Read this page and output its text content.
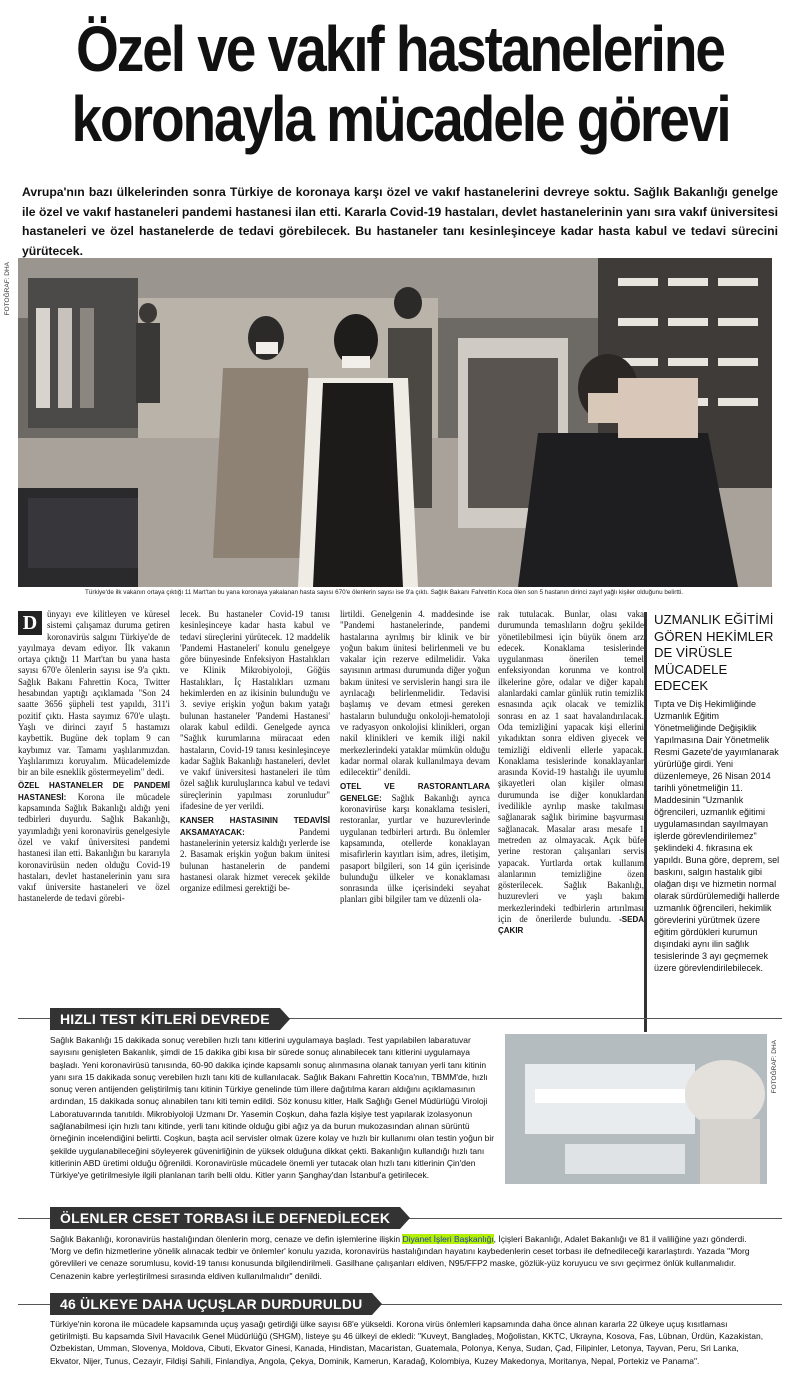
Özel ve vakıf hastanelerine
koronayla mücadele görevi
Avrupa'nın bazı ülkelerinden sonra Türkiye de koronaya karşı özel ve vakıf hastanelerini devreye soktu. Sağlık Bakanlığı genelge ile özel ve vakıf hastaneleri pandemi hastanesi ilan etti. Kararla Covid-19 hastaları, devlet hastanelerinin yanı sıra vakıf üniversitesi hastaneleri ve özel hastanelerde de tedavi görebilecek. Bu hastaneler tanı kesinleşinceye kadar hasta kabul ve tedavi sürecini yürütecek.
FOTOĞRAF: DHA
Türkiye'de ilk vakanın ortaya çıktığı 11 Mart'tan bu yana koronaya yakalanan hasta sayısı 670'e ölenlerin sayısı ise 9'a çıktı. Sağlık Bakanı Fahrettin Koca ölen son 5 hastanın dirinci zayıf yağlı kişiler olduğunu belirtti.

D	ünyayı eve kilitleyen ve küresel sistemi çalışamaz duruma getiren koronavirüs salgını Türkiye'de de yayılmaya devam ediyor. İlk vakanın ortaya çıktığı 11 Mart'tan bu yana hasta sayısı 670'e ölenlerin sayısı ise 9'a çıktı. Sağlık Bakanı Fahrettin Koca, Twitter hesabından yaptığı açıklamada "Son 24 saatte 3656 şüpheli test yapıldı, 311'i pozitif çıktı. Hasta sayımız 670'e ulaştı. Yaşlı ve dirinci zayıf 5 hastamızı kaybettik. Bugüne dek toplam 9 can kaybımız var. Tamamı yaşlılarımızdan. Yaşlılarımızı koruyalım. Mücadelemizde bir an bile esneklik göstermeyelim" dedi.

ÖZEL HASTANELER DE PANDEMİ HASTANESİ: Korona ile mücadele kapsamında Sağlık Bakanlığı aldığı yeni tedbirleri duyurdu. Sağlık Bakanlığı, yayımladığı yeni koronavirüs genelgesiyle özel ve vakıf üniversitesi pandemi hastanesi ilan etti. Bakanlığın bu kararıyla koronavirüsün neden olduğu Covid-19 hastaları, devlet hastanelerinin yanı sıra vakıf üniversite hastaneleri ve özel hastanelerde de tedavi görebi-

lecek. Bu hastaneler Covid-19 tanısı kesinleşinceye kadar hasta kabul ve tedavi süreçlerini yürütecek. 12 maddelik 'Pandemi Hastaneleri' konulu genelgeye göre bünyesinde Enfeksiyon Hastalıkları ve Klinik Mikrobiyoloji, Göğüs Hastalıkları, İç Hastalıkları uzmanı hekimlerden en az ikisinin bulunduğu ve 3. seviye erişkin yoğun bakım yatağı bulunan hastaneler 'Pandemi Hastanesi' olarak kabul edildi. Genelgede ayrıca "Sağlık kurumlarına müracaat eden hastaların, Covid-19 tanısı kesinleşinceye kadar Sağlık Bakanlığı hastaneleri, devlet ve vakıf üniversitesi hastaneleri ile tüm özel sağlık kuruluşlarınca kabul ve tedavi süreçlerinin yapılması zorunludur" ifadesine de yer verildi.

KANSER HASTASININ TEDAVİSİ AKSAMAYACAK:	Pandemi hastanelerinin yetersiz kaldığı yerlerde ise 2. Basamak erişkin yoğun bakım ünitesi bulunan hastanelerin de pandemi hastanesi olarak hizmet verecek şekilde organize edilmesi gerektiği be-

lirtildi. Genelgenin 4. maddesinde ise "Pandemi hastanelerinde, pandemi hastalarına ayrılmış bir klinik ve bir yoğun bakım ünitesi belirlenmeli ve bu vakalar için rezerve edilmelidir. Vaka sayısının artması durumunda diğer yoğun bakım ünitesi ve servislerin hangi sıra ile ayrılacağı belirlenmelidir. Tedavisi başlamış ve devam etmesi gereken hastaların bulunduğu onkoloji-hematoloji ve radyasyon onkolojisi klinikleri, organ nakil klinikleri ve kemik iliği nakil merkezlerindeki yataklar mümkün olduğu kadar normal olarak kullanılmaya devam edilecektir" denildi.

OTEL VE RASTORANTLARA GENELGE: Sağlık Bakanlığı ayrıca koronavirüse karşı konaklama tesisleri, restoranlar, yurtlar ve huzurevlerinde uygulanan tedbirleri artırdı. Bu önlemler kapsamında, otellerde konaklayan misafirlerin kayıtları isim, adres, iletişim, pasaport bilgileri, son 14 gün içerisinde bulunduğu ülkeler ve konaklaması sonrasında ülke içerisindeki seyahat planları gibi bilgiler tam ve düzenli ola-

rak tutulacak. Bunlar, olası vaka durumunda temaslıların doğru şekilde yönetilebilmesi için büyük önem arz edecek. Konaklama tesislerinde uygulanması önerilen temel enfeksiyondan korunma ve kontrol ilkelerine göre, odalar ve diğer kapalı alanlardaki camlar günlük rutin temizlik esnasında açık olacak ve temizlik sonrası en az 1 saat havalandırılacak. Oda temizliğini yapacak kişi ellerini yıkadıktan sonra eldiven giyecek ve temizliği eldivenli ellerle yapacak. Konaklama tesislerinde konaklayanlar arasında Kovid-19 hastalığı ile uyumlu şikayetleri olan kişiler olması durumunda ise diğer konuklardan ivedilikle ayrılıp maske takılması sağlanarak sağlık birimine başvurması sağlanacak. Masalar arası mesafe 1 metreden az olmayacak. Açık büfe yerine restoran çalışanları servis yapacak. Yurtlarda ortak kullanım alanlarının temizliğine özen gösterilecek. Sağlık Bakanlığı, huzurevleri ve yaşlı bakım merkezlerindeki tedbirlerin artırılması için de önerilerde bulundu. -SEDA ÇAKIR

UZMANLIK EĞİTİMİ GÖREN HEKİMLER DE VİRÜSLE MÜCADELE EDECEK
Tıpta ve Diş Hekimliğinde Uzmanlık Eğitim Yönetmeliğinde Değişiklik Yapılmasına Dair Yönetmelik Resmi Gazete'de yayımlanarak yürürlüğe girdi. Yeni düzenlemeye, 26 Nisan 2014 tarihli yönetmeliğin 11. Maddesinin "Uzmanlık öğrencileri, uzmanlık eğitimi uygulamasından sayılmayan işlerde görevlendirilemez" şeklindeki 4. fıkrasına ek yapıldı. Buna göre, deprem, sel baskını, salgın hastalık gibi olağan dışı ve hizmetin normal olarak sürdürülemediği hallerde uzmanlık öğrencileri, hekimlik görevlerini yürütmek üzere eğitim gördükleri kurumun dışındaki aynı ilin sağlık tesislerinde 3 ayı geçmemek üzere görevlendirilebilecek.
HIZLI TEST KİTLERİ DEVREDE
Sağlık Bakanlığı 15 dakikada sonuç verebilen hızlı tanı kitlerini uygulamaya başladı. Test yapılabilen labaratuvar sayısını genişleten Bakanlık, şimdi de 15 dakika gibi kısa bir sürede sonuç alınabilecek tanı kitlerini uygulamaya başladı. Yeni koronavirüsü tanısında, 60-90 dakika içinde kapsamlı sonuç alınmasına olanak tanıyan yerli tanı kitinin yanı sıra 15 dakikada sonuç verebilen hızlı tanı kiti de kullanılacak. Sağlık Bakanı Fahrettin Koca'nın, TBMM'de, hızlı sonuç veren antijenden geliştirilmiş tanı kitinin Türkiye genelinde tüm illere dağıtılma kararı aldığını açıklamasının ardından, 15 dakikada sonuç alınabilen tanı kiti temin edildi. Söz konusu kitler, Halk Sağlığı Genel Müdürlüğü Viroloji Laboratuvarında tanıtıldı. Mikrobiyoloji Uzmanı Dr. Yasemin Coşkun, daha fazla kişiye test yapılarak izolasyonun sağlanabilmesi için hızlı tanı kitinde, yerli tanı kitinde olduğu gibi ağız ya da burun mukozasından alınan sürüntü örneğinin incelendiğini belirtti. Coşkun, başta acil servisler olmak üzere kolay ve hızlı bir kullanımı olan testin yoğun bir şekilde uygulanabileceğini söyleyerek güvenirliğinin de yüksek olduğuna dikkat çekti. Bakanlığın kullandığı hızlı tanı kitlerinin ABD üretimi olduğu öğrenildi. Koronavirüsle mücadele önemli yer tutacak olan hızlı tanı kitlerinin Çin'den Türkiye'ye getirilmesiyle ilgili planlanan tarih belli oldu. Kitler yarın Şanghay'dan İstanbul'a getirilecek.
FOTOĞRAF: DHA
ÖLENLER CESET TORBASI İLE DEFNEDİLECEK
Sağlık Bakanlığı, koronavirüs hastalığından ölenlerin morg, cenaze ve defin işlemlerine ilişkin Diyanet İşleri Başkanlığı, İçişleri Bakanlığı, Adalet Bakanlığı ve 81 il valiliğine yazı gönderdi. 'Morg ve defin hizmetlerine yönelik alınacak tedbir ve önlemler' konulu yazıda, koronavirüs hastalığından hayatını kaybedenlerin ceset torbası ile defnedileceği kararlaştırdı. Yazada "Morg görevlileri ve cenaze sorumlusu, kovid-19 tanısı konusunda bilgilendirilmeli. Gasilhane çalışanları eldiven, N95/FFP2 maske, gözlük-yüz koruyucu ve sıvı geçirmez önlük kullanmalıdır. Cenazenin kabre yerleştirilmesi sırasında eldiven kullanılmalıdır" denildi.
46 ÜLKEYE DAHA UÇUŞLAR DURDURULDU
Türkiye'nin korona ile mücadele kapsamında uçuş yasağı getirdiği ülke sayısı 68'e yükseldi. Korona virüs önlemleri kapsamında daha önce alınan kararla 22 ülkeye uçuş kısıtlaması getirilmişti. Bu kapsamda Sivil Havacılık Genel Müdürlüğü (SHGM), listeye şu 46 ülkeyi de ekledi: "Kuveyt, Bangladeş, Moğolistan, KKTC, Ukrayna, Kosova, Fas, Lübnan, Ürdün, Kazakistan, Özbekistan, Umman, Slovenya, Moldova, Cibuti, Ekvator Ginesi, Kanada, Hindistan, Macaristan, Guatemala, Polonya, Kenya, Sudan, Çad, Filipinler, Letonya, Tayvan, Peru, Sri Lanka, Ekvator, Nijer, Tunus, Cezayir, Fildişi Sahili, Finlandiya, Angola, Çekya, Dominik, Kamerun, Karadağ, Kolombiya, Kuzey Makedonya, Moritanya, Nepal, Portekiz ve Panama".
